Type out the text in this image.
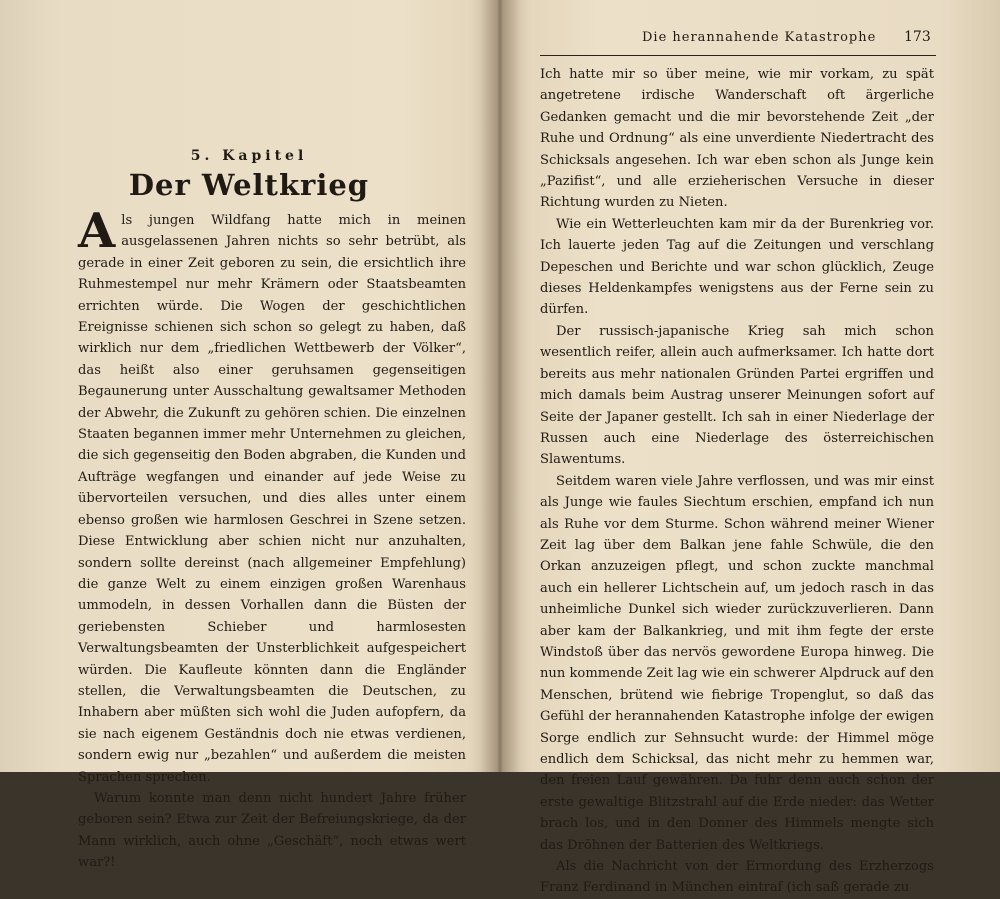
5. Kapitel
Der Weltkrieg

Als jungen Wildfang hatte mich in meinen ausgelassenen Jahren nichts so sehr betrübt, als gerade in einer Zeit geboren zu sein, die ersichtlich ihre Ruhmestempel nur mehr Krämern oder Staatsbeamten errichten würde. Die Wogen der geschichtlichen Ereignisse schienen sich schon so gelegt zu haben, daß wirklich nur dem „friedlichen Wettbewerb der Völker“, das heißt also einer geruhsamen gegenseitigen Begaunerung unter Ausschaltung gewaltsamer Methoden der Abwehr, die Zukunft zu gehören schien. Die einzelnen Staaten begannen immer mehr Unternehmen zu gleichen, die sich gegenseitig den Boden abgraben, die Kunden und Aufträge wegfangen und einander auf jede Weise zu übervorteilen versuchen, und dies alles unter einem ebenso großen wie harmlosen Geschrei in Szene setzen. Diese Entwicklung aber schien nicht nur anzuhalten, sondern sollte dereinst (nach allgemeiner Empfehlung) die ganze Welt zu einem einzigen großen Warenhaus ummodeln, in dessen Vorhallen dann die Büsten der geriebensten Schieber und harmlosesten Verwaltungsbeamten der Unsterblichkeit aufgespeichert würden. Die Kaufleute könnten dann die Engländer stellen, die Verwaltungsbeamten die Deutschen, zu Inhabern aber müßten sich wohl die Juden aufopfern, da sie nach eigenem Geständnis doch nie etwas verdienen, sondern ewig nur „bezahlen“ und außerdem die meisten Sprachen sprechen.

Warum konnte man denn nicht hundert Jahre früher geboren sein? Etwa zur Zeit der Befreiungskriege, da der Mann wirklich, auch ohne „Geschäft“, noch etwas wert war?!

Die herannahende Katastrophe 173

Ich hatte mir so über meine, wie mir vorkam, zu spät angetretene irdische Wanderschaft oft ärgerliche Gedanken gemacht und die mir bevorstehende Zeit „der Ruhe und Ordnung“ als eine unverdiente Niedertracht des Schicksals angesehen. Ich war eben schon als Junge kein „Pazifist“, und alle erzieherischen Versuche in dieser Richtung wurden zu Nieten.

Wie ein Wetterleuchten kam mir da der Burenkrieg vor. Ich lauerte jeden Tag auf die Zeitungen und verschlang Depeschen und Berichte und war schon glücklich, Zeuge dieses Heldenkampfes wenigstens aus der Ferne sein zu dürfen.

Der russisch-japanische Krieg sah mich schon wesentlich reifer, allein auch aufmerksamer. Ich hatte dort bereits aus mehr nationalen Gründen Partei ergriffen und mich damals beim Austrag unserer Meinungen sofort auf Seite der Japaner gestellt. Ich sah in einer Niederlage der Russen auch eine Niederlage des österreichischen Slawentums.

Seitdem waren viele Jahre verflossen, und was mir einst als Junge wie faules Siechtum erschien, empfand ich nun als Ruhe vor dem Sturme. Schon während meiner Wiener Zeit lag über dem Balkan jene fahle Schwüle, die den Orkan anzuzeigen pflegt, und schon zuckte manchmal auch ein hellerer Lichtschein auf, um jedoch rasch in das unheimliche Dunkel sich wieder zurückzuverlieren. Dann aber kam der Balkankrieg, und mit ihm fegte der erste Windstoß über das nervös gewordene Europa hinweg. Die nun kommende Zeit lag wie ein schwerer Alpdruck auf den Menschen, brütend wie fiebrige Tropenglut, so daß das Gefühl der herannahenden Katastrophe infolge der ewigen Sorge endlich zur Sehnsucht wurde: der Himmel möge endlich dem Schicksal, das nicht mehr zu hemmen war, den freien Lauf gewähren. Da fuhr denn auch schon der erste gewaltige Blitzstrahl auf die Erde nieder: das Wetter brach los, und in den Donner des Himmels mengte sich das Dröhnen der Batterien des Weltkriegs.

Als die Nachricht von der Ermordung des Erzherzogs Franz Ferdinand in München eintraf (ich saß gerade zu
